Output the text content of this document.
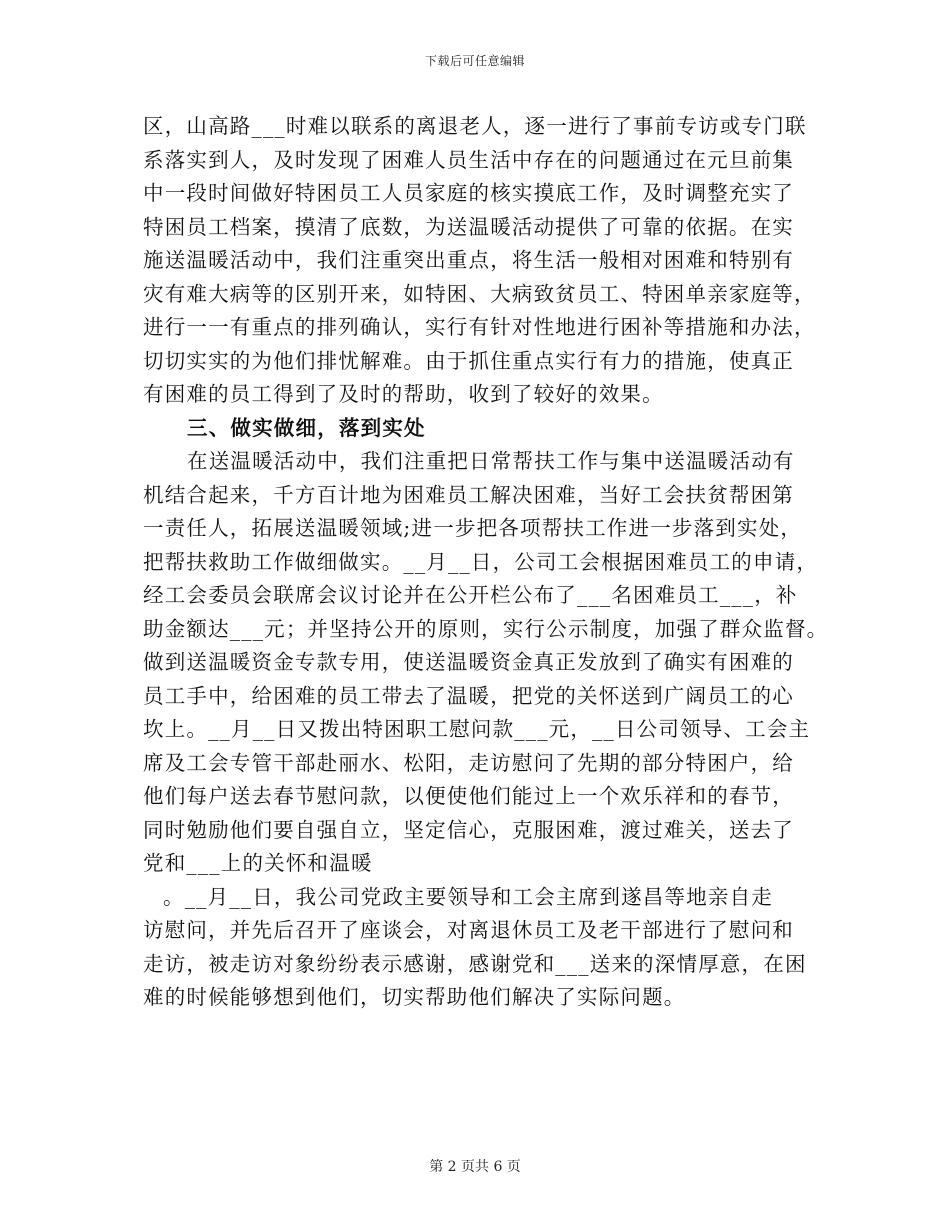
下载后可任意编辑
区，山高路___时难以联系的离退老人，逐一进行了事前专访或专门联
系落实到人，及时发现了困难人员生活中存在的问题通过在元旦前集
中一段时间做好特困员工人员家庭的核实摸底工作，及时调整充实了
特困员工档案，摸清了底数，为送温暖活动提供了可靠的依据。在实
施送温暖活动中，我们注重突出重点，将生活一般相对困难和特别有
灾有难大病等的区别开来，如特困、大病致贫员工、特困单亲家庭等，
进行一一有重点的排列确认，实行有针对性地进行困补等措施和办法，
切切实实的为他们排忧解难。由于抓住重点实行有力的措施，使真正
有困难的员工得到了及时的帮助，收到了较好的效果。
三、做实做细，落到实处
在送温暖活动中，我们注重把日常帮扶工作与集中送温暖活动有
机结合起来，千方百计地为困难员工解决困难，当好工会扶贫帮困第
一责任人，拓展送温暖领域;进一步把各项帮扶工作进一步落到实处，
把帮扶救助工作做细做实。__月__日，公司工会根据困难员工的申请，
经工会委员会联席会议讨论并在公开栏公布了___名困难员工___，补
助金额达___元；并坚持公开的原则，实行公示制度，加强了群众监督。
做到送温暖资金专款专用，使送温暖资金真正发放到了确实有困难的
员工手中，给困难的员工带去了温暖，把党的关怀送到广阔员工的心
坎上。__月__日又拨出特困职工慰问款___元，__日公司领导、工会主
席及工会专管干部赴丽水、松阳，走访慰问了先期的部分特困户，给
他们每户送去春节慰问款，以便使他们能过上一个欢乐祥和的春节，
同时勉励他们要自强自立，坚定信心，克服困难，渡过难关，送去了
党和___上的关怀和温暖
。__月__日，我公司党政主要领导和工会主席到遂昌等地亲自走
访慰问，并先后召开了座谈会，对离退休员工及老干部进行了慰问和
走访，被走访对象纷纷表示感谢，感谢党和___送来的深情厚意，在困
难的时候能够想到他们，切实帮助他们解决了实际问题。
第 2 页共 6 页
